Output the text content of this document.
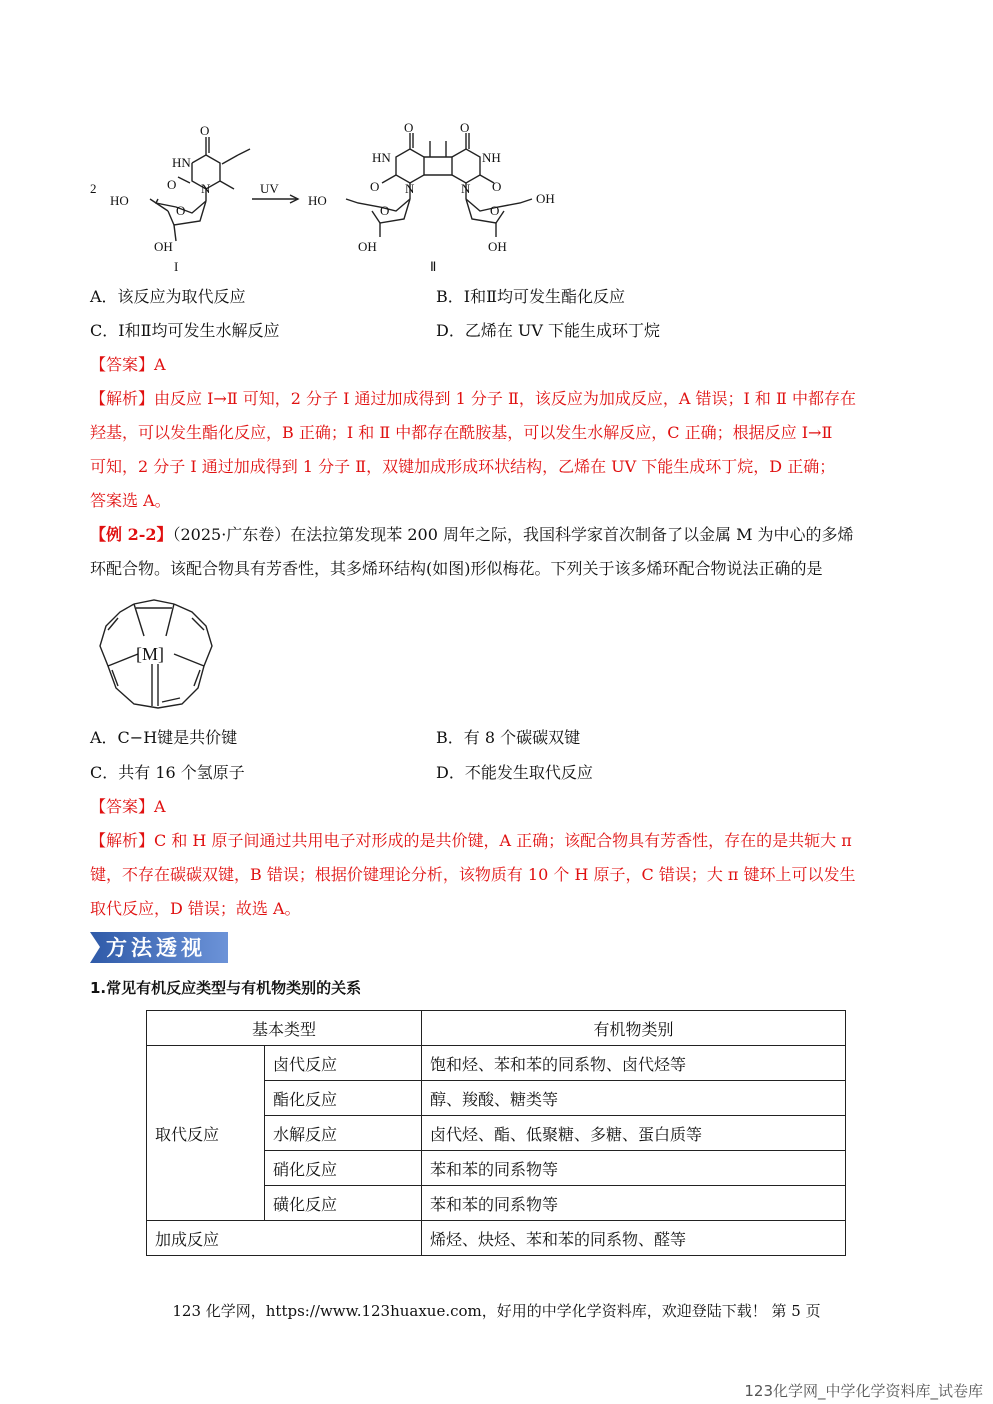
2
O
HN
O N
HO
O
OH
I
UV
O	O
HN	NH
O	O
N	N
HO	OH
O	O
OH	OH
Ⅱ
A．该反应为取代反应	B．Ⅰ和Ⅱ均可发生酯化反应
C．Ⅰ和Ⅱ均可发生水解反应	D．乙烯在 UV 下能生成环丁烷
【答案】A
【解析】由反应 Ⅰ→Ⅱ 可知，2 分子 Ⅰ 通过加成得到 1 分子 Ⅱ，该反应为加成反应，A 错误；Ⅰ 和 Ⅱ 中都存在
羟基，可以发生酯化反应，B 正确；Ⅰ 和 Ⅱ 中都存在酰胺基，可以发生水解反应，C 正确；根据反应 Ⅰ→Ⅱ
可知，2 分子 Ⅰ 通过加成得到 1 分子 Ⅱ，双键加成形成环状结构，乙烯在 UV 下能生成环丁烷，D 正确；
答案选 A。
【例 2-2】（2025·广东卷）在法拉第发现苯 200 周年之际，我国科学家首次制备了以金属 M 为中心的多烯
环配合物。该配合物具有芳香性，其多烯环结构(如图)形似梅花。下列关于该多烯环配合物说法正确的是
[M]
A．C−H键是共价键	B．有 8 个碳碳双键
C．共有 16 个氢原子	D．不能发生取代反应
【答案】A
【解析】C 和 H 原子间通过共用电子对形成的是共价键，A 正确；该配合物具有芳香性，存在的是共轭大 π
键，不存在碳碳双键，B 错误；根据价键理论分析，该物质有 10 个 H 原子，C 错误；大 π 键环上可以发生
取代反应，D 错误；故选 A。
方法透视
1.常见有机反应类型与有机物类别的关系
基本类型		有机物类别
取代反应	卤代反应	饱和烃、苯和苯的同系物、卤代烃等
	酯化反应	醇、羧酸、糖类等
	水解反应	卤代烃、酯、低聚糖、多糖、蛋白质等
	硝化反应	苯和苯的同系物等
	磺化反应	苯和苯的同系物等
加成反应		烯烃、炔烃、苯和苯的同系物、醛等
123 化学网，https://www.123huaxue.com，好用的中学化学资料库，欢迎登陆下载！ 第 5 页
123化学网_中学化学资料库_试卷库
